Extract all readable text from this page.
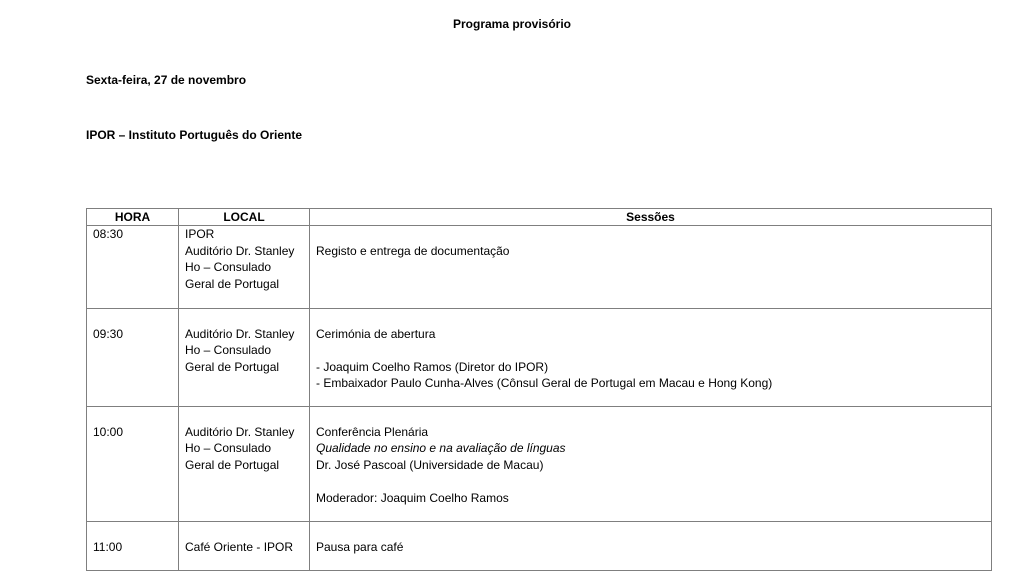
Programa provisório
Sexta-feira, 27 de novembro
IPOR – Instituto Português do Oriente
HORA	LOCAL	Sessões

08:30	IPOR
Auditório Dr. Stanley
Ho – Consulado
Geral de Portugal	Registo e entrega de documentação

09:30	Auditório Dr. Stanley
Ho – Consulado
Geral de Portugal	Cerimónia de abertura
- Joaquim Coelho Ramos (Diretor do IPOR)
- Embaixador Paulo Cunha-Alves (Cônsul Geral de Portugal em Macau e Hong Kong)

10:00	Auditório Dr. Stanley
Ho – Consulado
Geral de Portugal	Conferência Plenária
Qualidade no ensino e na avaliação de línguas
Dr. José Pascoal (Universidade de Macau)
Moderador: Joaquim Coelho Ramos

11:00	Café Oriente - IPOR	Pausa para café
